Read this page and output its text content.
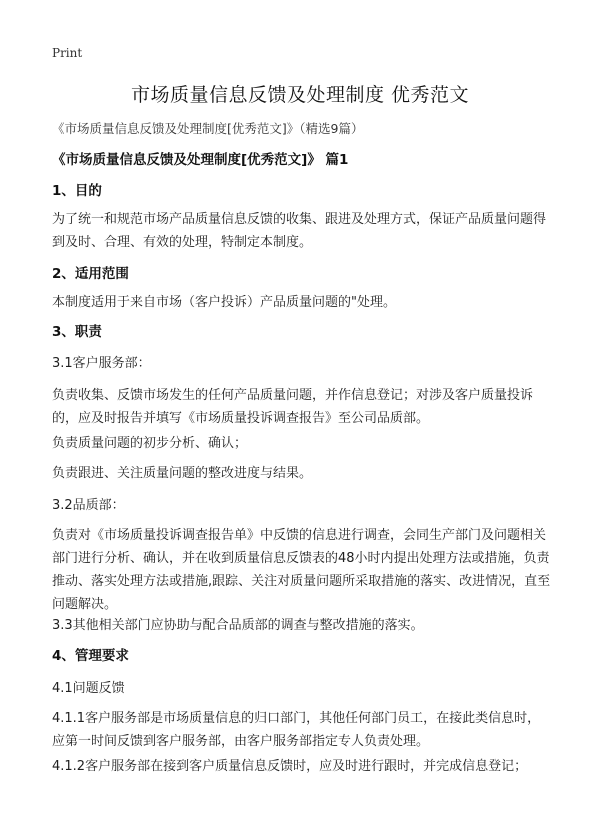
Print
市场质量信息反馈及处理制度 优秀范文

《市场质量信息反馈及处理制度[优秀范文]》（精选9篇）

《市场质量信息反馈及处理制度[优秀范文]》 篇1

1、目的

为了统一和规范市场产品质量信息反馈的收集、跟进及处理方式，保证产品质量问题得到及时、合理、有效的处理，特制定本制度。

2、适用范围

本制度适用于来自市场（客户投诉）产品质量问题的"处理。

3、职责

3.1客户服务部：

负责收集、反馈市场发生的任何产品质量问题，并作信息登记；对涉及客户质量投诉的，应及时报告并填写《市场质量投诉调查报告》至公司品质部。

负责质量问题的初步分析、确认；

负责跟进、关注质量问题的整改进度与结果。

3.2品质部：

负责对《市场质量投诉调查报告单》中反馈的信息进行调查，会同生产部门及问题相关部门进行分析、确认，并在收到质量信息反馈表的48小时内提出处理方法或措施，负责推动、落实处理方法或措施,跟踪、关注对质量问题所采取措施的落实、改进情况，直至问题解决。

3.3其他相关部门应协助与配合品质部的调查与整改措施的落实。

4、管理要求

4.1问题反馈

4.1.1客户服务部是市场质量信息的归口部门，其他任何部门员工，在接此类信息时，应第一时间反馈到客户服务部，由客户服务部指定专人负责处理。

4.1.2客户服务部在接到客户质量信息反馈时，应及时进行跟时，并完成信息登记；
